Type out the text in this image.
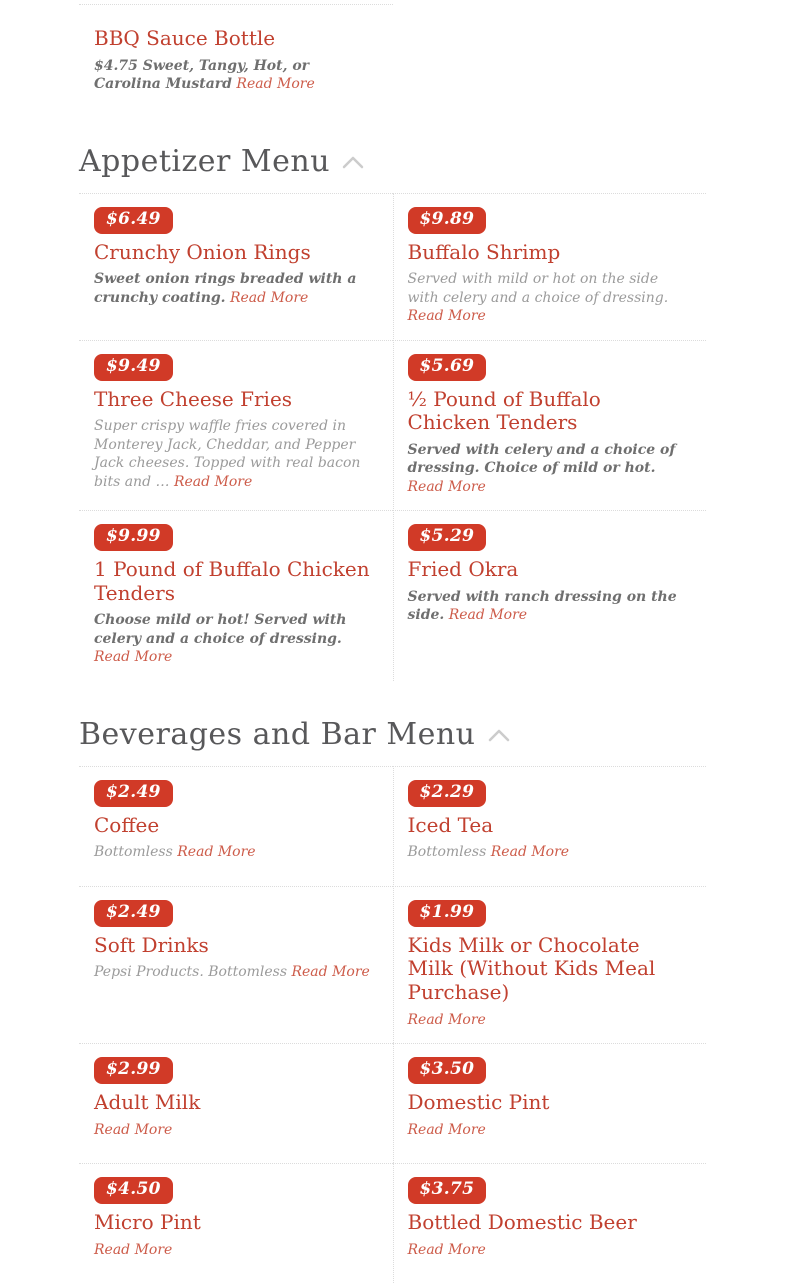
BBQ Sauce Bottle

$4.75 Sweet, Tangy, Hot, or Carolina Mustard Read More

Appetizer Menu
$6.49
Crunchy Onion Rings

Sweet onion rings breaded with a crunchy coating. Read More

$9.89
Buffalo Shrimp

Served with mild or hot on the side with celery and a choice of dressing. Read More

$9.49
Three Cheese Fries

Super crispy waffle fries covered in Monterey Jack, Cheddar, and Pepper Jack cheeses. Topped with real bacon bits and … Read More

$5.69
½ Pound of Buffalo Chicken Tenders

Served with celery and a choice of dressing. Choice of mild or hot. Read More

$9.99
1 Pound of Buffalo Chicken Tenders

Choose mild or hot! Served with celery and a choice of dressing. Read More

$5.29
Fried Okra

Served with ranch dressing on the side. Read More

Beverages and Bar Menu
$2.49
Coffee

Bottomless Read More

$2.29
Iced Tea

Bottomless Read More

$2.49
Soft Drinks

Pepsi Products. Bottomless Read More

$1.99
Kids Milk or Chocolate Milk (Without Kids Meal Purchase)

Read More

$2.99
Adult Milk

Read More

$3.50
Domestic Pint

Read More

$4.50
Micro Pint

Read More

$3.75
Bottled Domestic Beer

Read More
